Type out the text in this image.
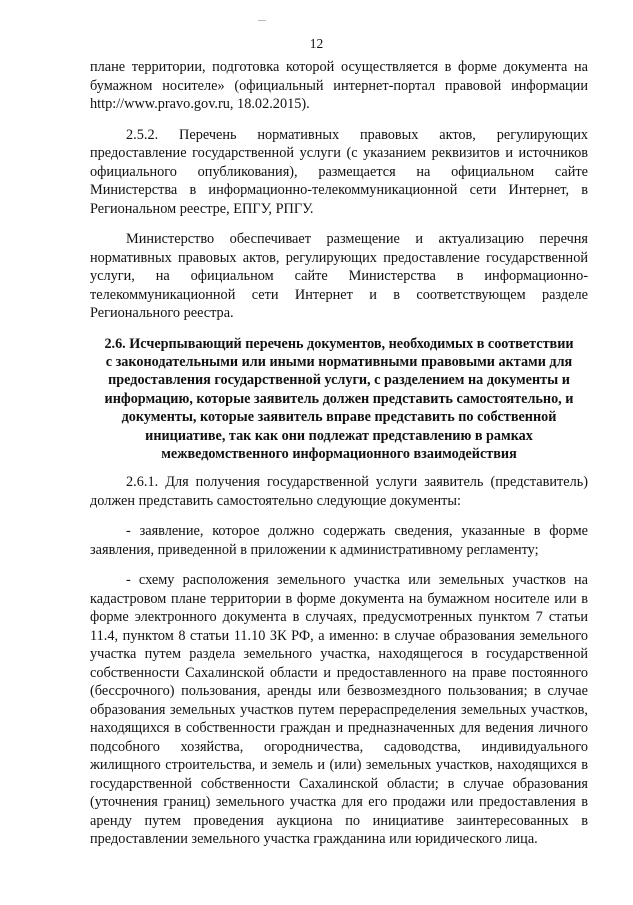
12

плане территории, подготовка которой осуществляется в форме документа на бумажном носителе» (официальный интернет-портал правовой информации http://www.pravo.gov.ru, 18.02.2015).

2.5.2. Перечень нормативных правовых актов, регулирующих предоставление государственной услуги (с указанием реквизитов и источников официального опубликования), размещается на официальном сайте Министерства в информационно-телекоммуникационной сети Интернет, в Региональном реестре, ЕПГУ, РПГУ.

Министерство обеспечивает размещение и актуализацию перечня нормативных правовых актов, регулирующих предоставление государственной услуги, на официальном сайте Министерства в информационно-телекоммуникационной сети Интернет и в соответствующем разделе Регионального реестра.

2.6. Исчерпывающий перечень документов, необходимых в соответствии
с законодательными или иными нормативными правовыми актами для
предоставления государственной услуги, с разделением на документы и
информацию, которые заявитель должен представить самостоятельно, и
документы, которые заявитель вправе представить по собственной
инициативе, так как они подлежат представлению в рамках
межведомственного информационного взаимодействия

2.6.1. Для получения государственной услуги заявитель (представитель) должен представить самостоятельно следующие документы:

- заявление, которое должно содержать сведения, указанные в форме заявления, приведенной в приложении к административному регламенту;

- схему расположения земельного участка или земельных участков на кадастровом плане территории в форме документа на бумажном носителе или в форме электронного документа в случаях, предусмотренных пунктом 7 статьи 11.4, пунктом 8 статьи 11.10 ЗК РФ, а именно: в случае образования земельного участка путем раздела земельного участка, находящегося в государственной собственности Сахалинской области и предоставленного на праве постоянного (бессрочного) пользования, аренды или безвозмездного пользования; в случае образования земельных участков путем перераспределения земельных участков, находящихся в собственности граждан и предназначенных для ведения личного подсобного хозяйства, огородничества, садоводства, индивидуального жилищного строительства, и земель и (или) земельных участков, находящихся в государственной собственности Сахалинской области; в случае образования (уточнения границ) земельного участка для его продажи или предоставления в аренду путем проведения аукциона по инициативе заинтересованных в предоставлении земельного участка гражданина или юридического лица.
